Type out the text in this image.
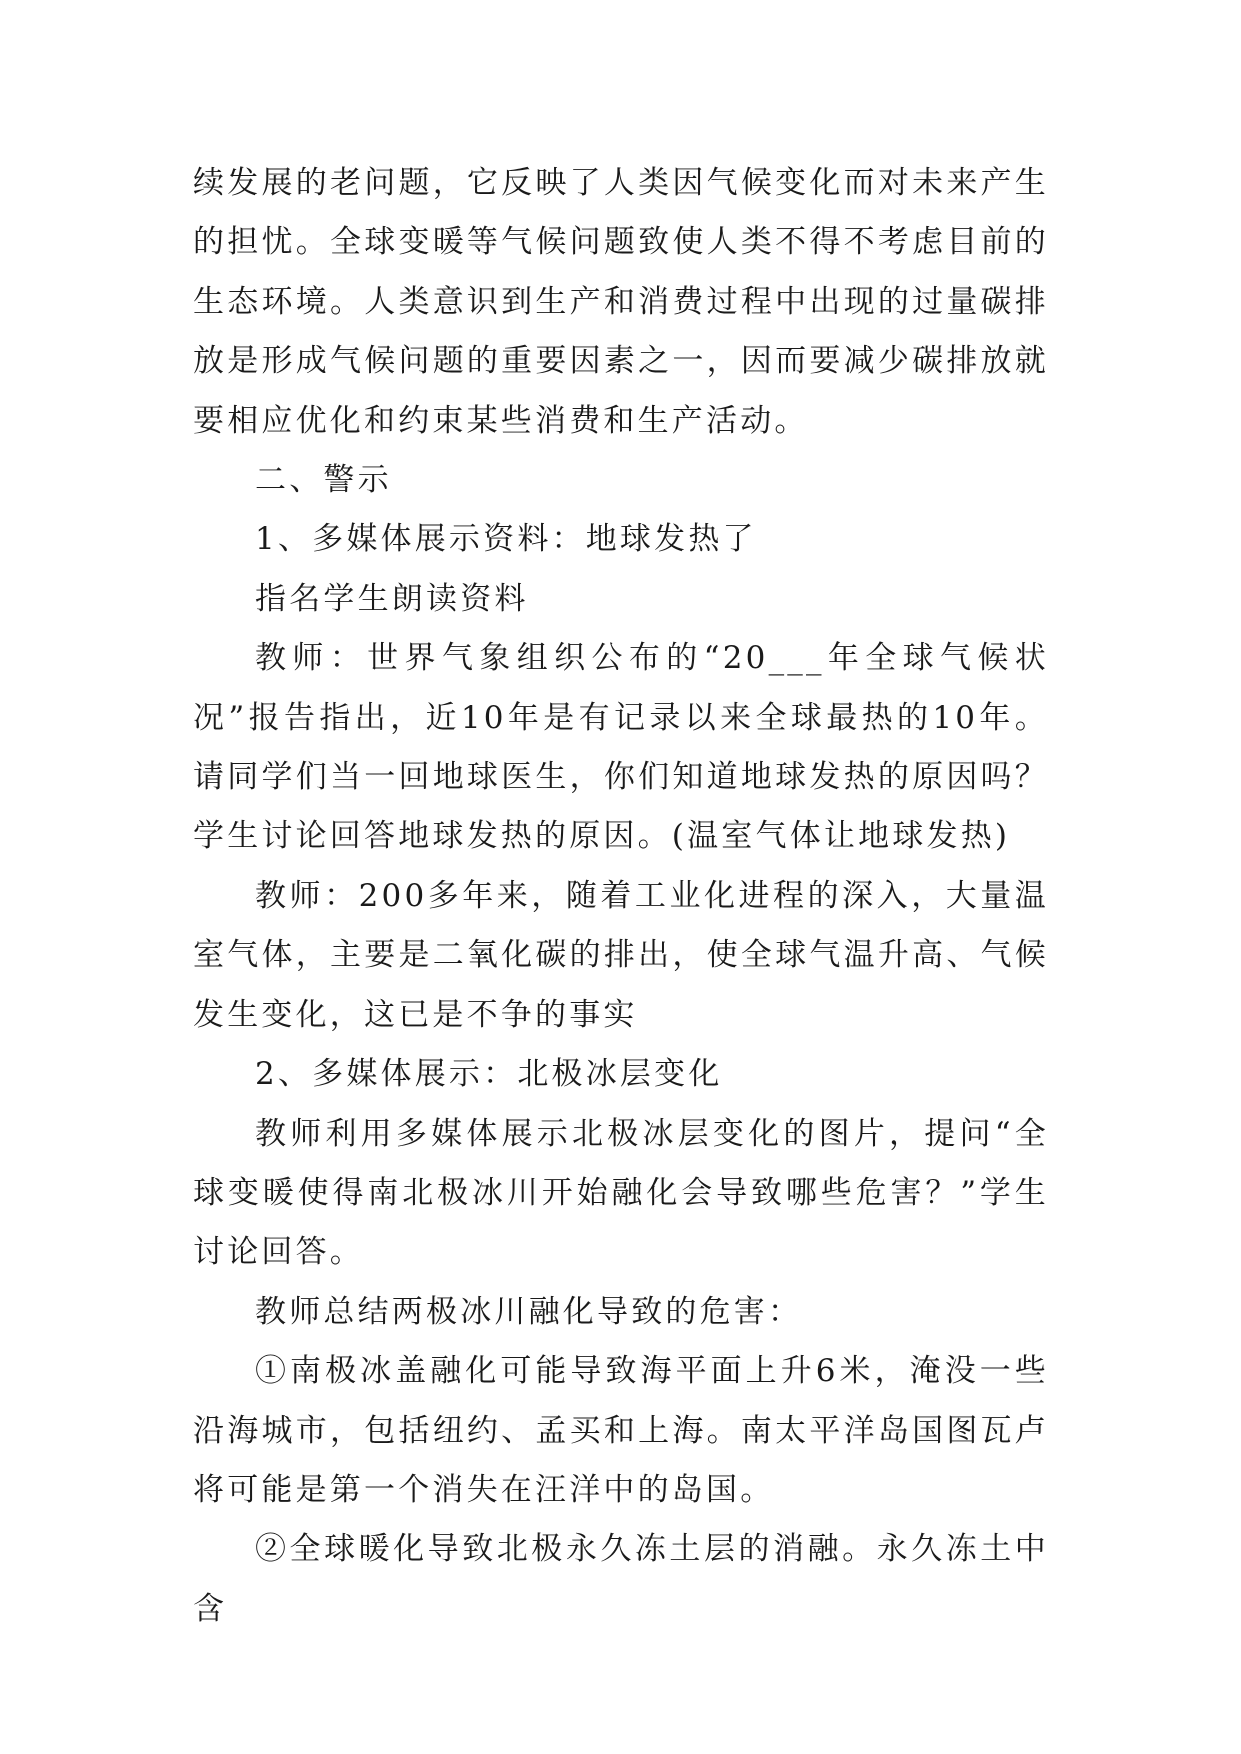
续发展的老问题，它反映了人类因气候变化而对未来产生的担忧。全球变暖等气候问题致使人类不得不考虑目前的生态环境。人类意识到生产和消费过程中出现的过量碳排放是形成气候问题的重要因素之一，因而要减少碳排放就要相应优化和约束某些消费和生产活动。

二、警示

1、多媒体展示资料：地球发热了

指名学生朗读资料

教师：世界气象组织公布的“20___年全球气候状况”报告指出，近10年是有记录以来全球最热的10年。请同学们当一回地球医生，你们知道地球发热的原因吗？学生讨论回答地球发热的原因。(温室气体让地球发热)

教师：200多年来，随着工业化进程的深入，大量温室气体，主要是二氧化碳的排出，使全球气温升高、气候发生变化，这已是不争的事实

2、多媒体展示：北极冰层变化

教师利用多媒体展示北极冰层变化的图片，提问“全球变暖使得南北极冰川开始融化会导致哪些危害？”学生讨论回答。

教师总结两极冰川融化导致的危害：

①南极冰盖融化可能导致海平面上升6米，淹没一些沿海城市，包括纽约、孟买和上海。南太平洋岛国图瓦卢将可能是第一个消失在汪洋中的岛国。

②全球暖化导致北极永久冻土层的消融。永久冻土中含
